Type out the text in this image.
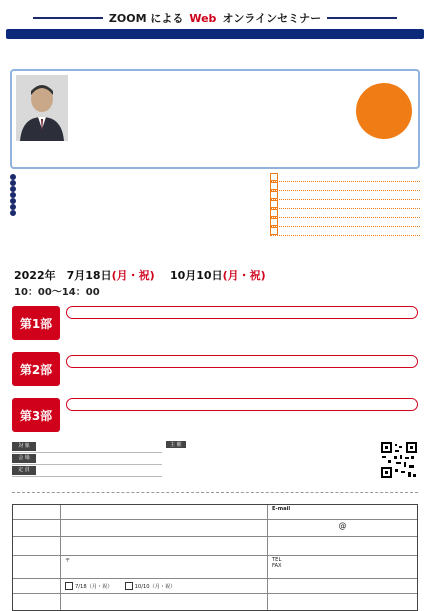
ZOOM による Web オンラインセミナー
2022年　7月18日(月・祝) 10月10日(月・祝)
10：00〜14：00
第1部
第2部
第3部
対 象
会 場
定 員
主 催
E-mail
@
〒	TEL
FAX
7/18（月・祝）	10/10（月・祝）
